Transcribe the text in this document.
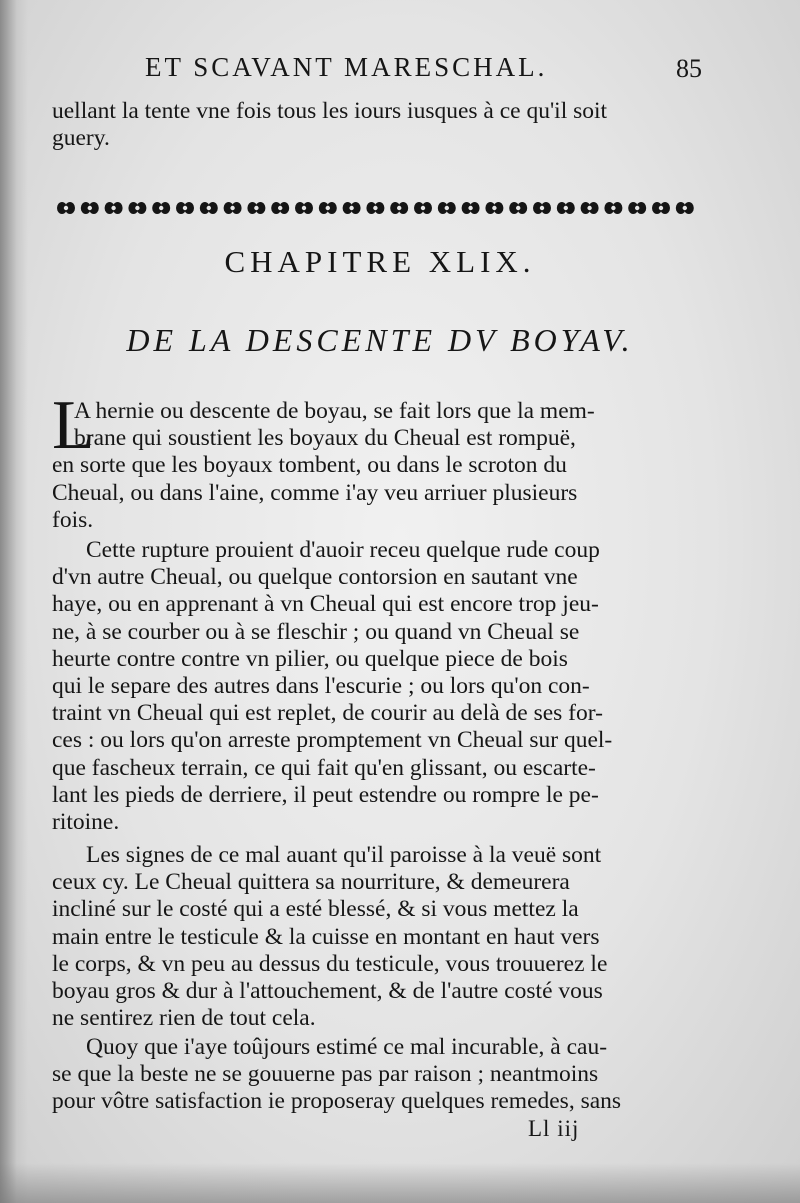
ET SCAVANT MARESCHAL.	85
uellant la tente vne fois tous les iours iusques à ce qu'il soit
guery.
CHAPITRE XLIX.
DE LA DESCENTE DV BOYAV.
L
A hernie ou descente de boyau, se fait lors que la mem-
brane qui soustient les boyaux du Cheual est rompuë,
en sorte que les boyaux tombent, ou dans le scroton du
Cheual, ou dans l'aine, comme i'ay veu arriuer plusieurs
fois.
Cette rupture prouient d'auoir receu quelque rude coup
d'vn autre Cheual, ou quelque contorsion en sautant vne
haye, ou en apprenant à vn Cheual qui est encore trop jeu-
ne, à se courber ou à se fleschir ; ou quand vn Cheual se
heurte contre contre vn pilier, ou quelque piece de bois
qui le separe des autres dans l'escurie ; ou lors qu'on con-
traint vn Cheual qui est replet, de courir au delà de ses for-
ces : ou lors qu'on arreste promptement vn Cheual sur quel-
que fascheux terrain, ce qui fait qu'en glissant, ou escarte-
lant les pieds de derriere, il peut estendre ou rompre le pe-
ritoine.
Les signes de ce mal auant qu'il paroisse à la veuë sont
ceux cy. Le Cheual quittera sa nourriture, & demeurera
incliné sur le costé qui a esté blessé, & si vous mettez la
main entre le testicule & la cuisse en montant en haut vers
le corps, & vn peu au dessus du testicule, vous trouuerez le
boyau gros & dur à l'attouchement, & de l'autre costé vous
ne sentirez rien de tout cela.
Quoy que i'aye toûjours estimé ce mal incurable, à cau-
se que la beste ne se gouuerne pas par raison ; neantmoins
pour vôtre satisfaction ie proposeray quelques remedes, sans
Ll iij
